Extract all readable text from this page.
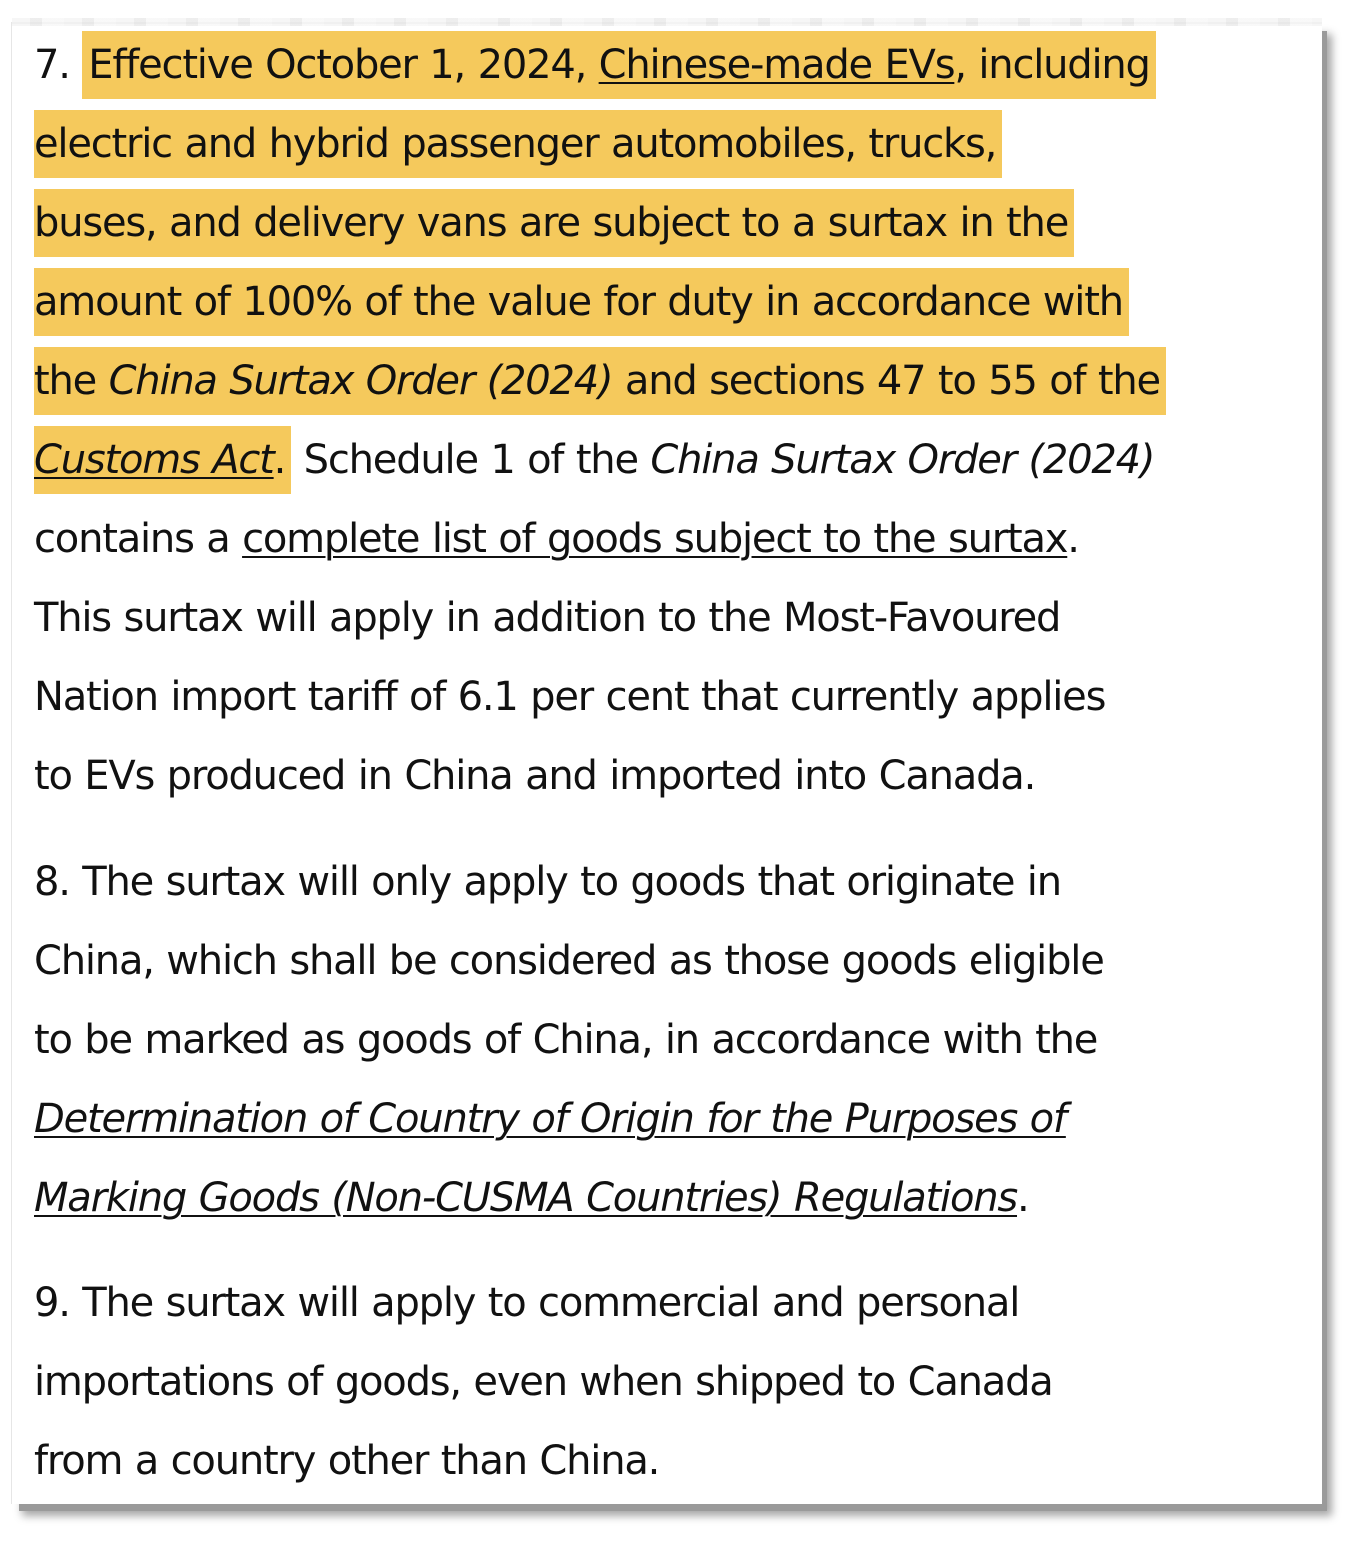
7. Effective October 1, 2024, Chinese-made EVs, including
electric and hybrid passenger automobiles, trucks,
buses, and delivery vans are subject to a surtax in the
amount of 100% of the value for duty in accordance with
the China Surtax Order (2024) and sections 47 to 55 of the
Customs Act. Schedule 1 of the China Surtax Order (2024)
contains a complete list of goods subject to the surtax.
This surtax will apply in addition to the Most-Favoured
Nation import tariff of 6.1 per cent that currently applies
to EVs produced in China and imported into Canada.
8. The surtax will only apply to goods that originate in
China, which shall be considered as those goods eligible
to be marked as goods of China, in accordance with the
Determination of Country of Origin for the Purposes of
Marking Goods (Non-CUSMA Countries) Regulations.
9. The surtax will apply to commercial and personal
importations of goods, even when shipped to Canada
from a country other than China.
